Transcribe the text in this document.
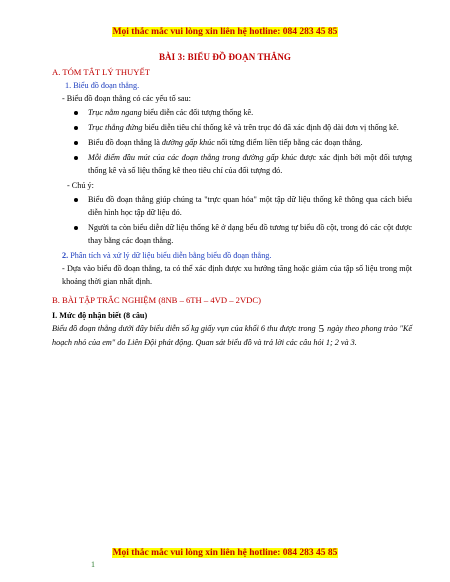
Mọi thắc mắc vui lòng xin liên hệ hotline: 084 283 45 85
BÀI 3: BIỂU ĐỒ ĐOẠN THẲNG
A. TÓM TẮT LÝ THUYẾT
1. Biểu đồ đoạn thẳng.
- Biểu đồ đoạn thẳng có các yếu tố sau:
Trục nằm ngang biểu diễn các đối tượng thống kê.
Trục thẳng đứng biểu diễn tiêu chí thống kê và trên trục đó đã xác định độ dài đơn vị thống kê.
Biểu đồ đoạn thẳng là đường gấp khúc nối từng điểm liền tiếp bằng các đoạn thẳng.
Mỗi điểm đầu mút của các đoạn thẳng trong đường gấp khúc được xác định bởi một đối tượng thống kê và số liệu thống kê theo tiêu chí của đối tượng đó.
- Chú ý:
Biểu đồ đoạn thẳng giúp chúng ta "trực quan hóa" một tập dữ liệu thống kê thông qua cách biểu diễn hình học tập dữ liệu đó.
Người ta còn biểu diễn dữ liệu thống kê ở dạng bểu đồ tương tự biểu đồ cột, trong đó các cột được thay bằng các đoạn thẳng.
2. Phân tích và xử lý dữ liệu biểu diễn bằng biểu đồ đoạn thẳng.
- Dựa vào biểu đồ đoạn thẳng, ta có thể xác định được xu hướng tăng hoặc giảm của tập số liệu trong một khoảng thời gian nhất định.
B. BÀI TẬP TRẮC NGHIỆM (8NB – 6TH – 4VD – 2VDC)
I. Mức độ nhận biết (8 câu)
Biểu đồ đoạn thẳng dưới đây biểu diễn số kg giấy vụn của khối 6 thu được trong 5 ngày theo phong trào "Kế hoạch nhỏ của em" do Liên Đội phát động. Quan sát biểu đồ và trả lời các câu hỏi 1; 2 và 3.
Mọi thắc mắc vui lòng xin liên hệ hotline: 084 283 45 85
1
